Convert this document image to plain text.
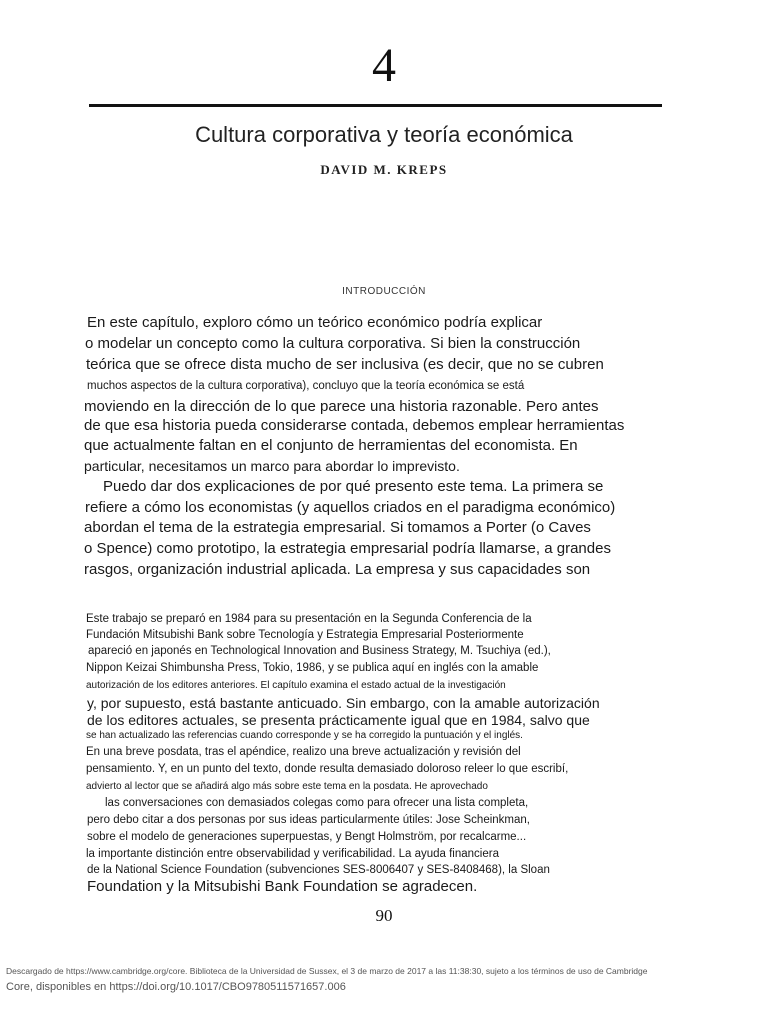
4
Cultura corporativa y teoría económica
DAVID M. KREPS
INTRODUCCIÓN
En este capítulo, exploro cómo un teórico económico podría explicar
o modelar un concepto como la cultura corporativa. Si bien la construcción
teórica que se ofrece dista mucho de ser inclusiva (es decir, que no se cubren
muchos aspectos de la cultura corporativa), concluyo que la teoría económica se está
moviendo en la dirección de lo que parece una historia razonable. Pero antes
de que esa historia pueda considerarse contada, debemos emplear herramientas
que actualmente faltan en el conjunto de herramientas del economista. En
particular, necesitamos un marco para abordar lo imprevisto.
Puedo dar dos explicaciones de por qué presento este tema. La primera se
refiere a cómo los economistas (y aquellos criados en el paradigma económico)
abordan el tema de la estrategia empresarial. Si tomamos a Porter (o Caves
o Spence) como prototipo, la estrategia empresarial podría llamarse, a grandes
rasgos, organización industrial aplicada. La empresa y sus capacidades son
Este trabajo se preparó en 1984 para su presentación en la Segunda Conferencia de la
Fundación Mitsubishi Bank sobre Tecnología y Estrategia Empresarial Posteriormente
apareció en japonés en Technological Innovation and Business Strategy, M. Tsuchiya (ed.),
Nippon Keizai Shimbunsha Press, Tokio, 1986, y se publica aquí en inglés con la amable
autorización de los editores anteriores. El capítulo examina el estado actual de la investigación
y, por supuesto, está bastante anticuado. Sin embargo, con la amable autorización
de los editores actuales, se presenta prácticamente igual que en 1984, salvo que
se han actualizado las referencias cuando corresponde y se ha corregido la puntuación y el inglés.
En una breve posdata, tras el apéndice, realizo una breve actualización y revisión del
pensamiento. Y, en un punto del texto, donde resulta demasiado doloroso releer lo que escribí,
advierto al lector que se añadirá algo más sobre este tema en la posdata. He aprovechado
las conversaciones con demasiados colegas como para ofrecer una lista completa,
pero debo citar a dos personas por sus ideas particularmente útiles: Jose Scheinkman,
sobre el modelo de generaciones superpuestas, y Bengt Holmström, por recalcarme...
la importante distinción entre observabilidad y verificabilidad. La ayuda financiera
de la National Science Foundation (subvenciones SES-8006407 y SES-8408468), la Sloan
Foundation y la Mitsubishi Bank Foundation se agradecen.
90
Descargado de https://www.cambridge.org/core. Biblioteca de la Universidad de Sussex, el 3 de marzo de 2017 a las 11:38:30, sujeto a los términos de uso de Cambridge
Core, disponibles en https://doi.org/10.1017/CBO9780511571657.006
